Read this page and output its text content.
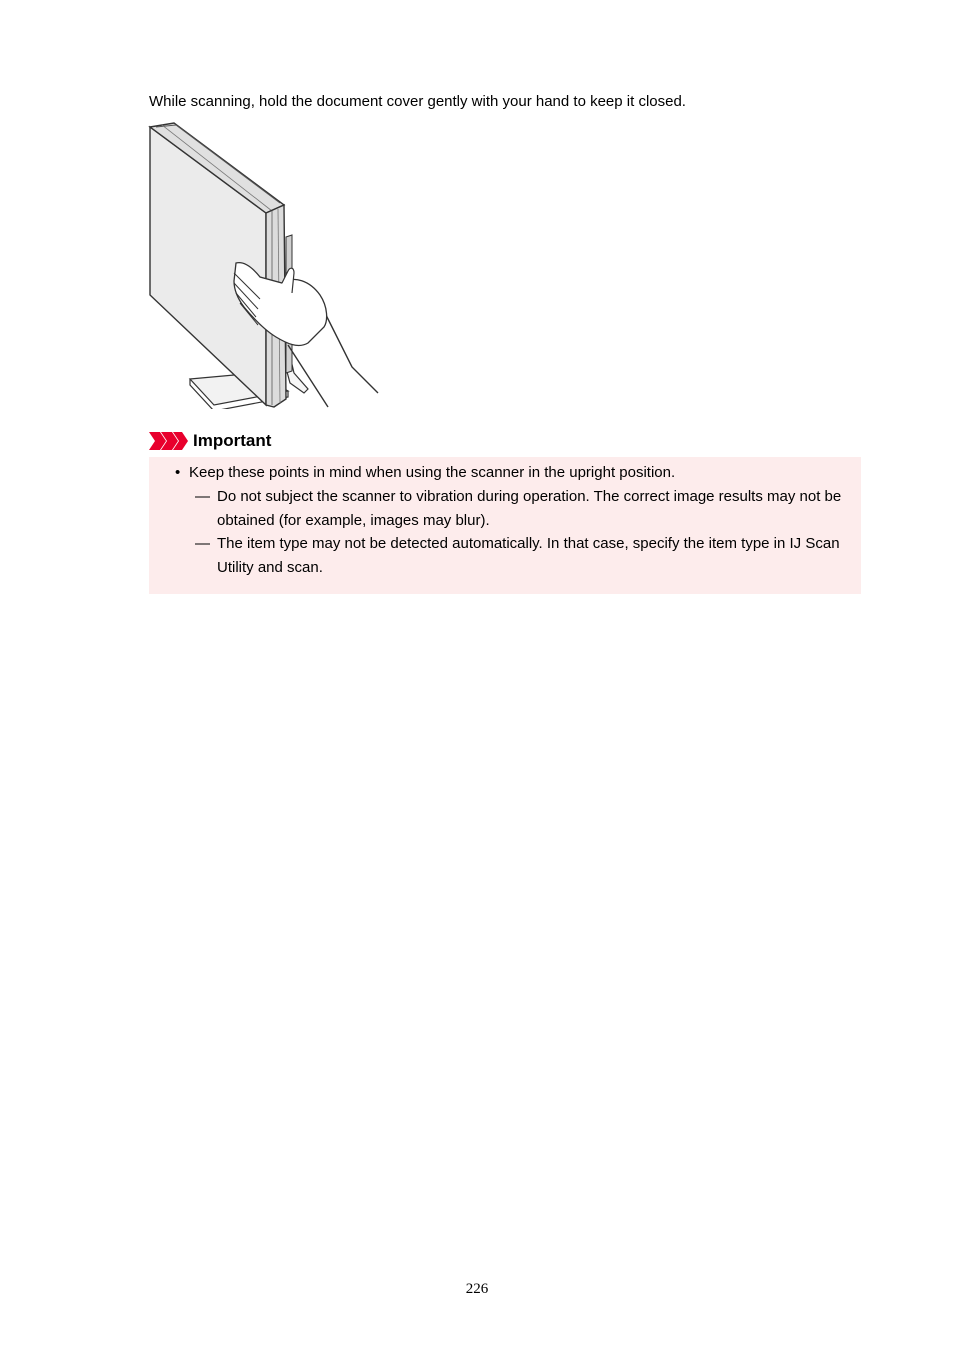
While scanning, hold the document cover gently with your hand to keep it closed.

Important
• Keep these points in mind when using the scanner in the upright position.
— Do not subject the scanner to vibration during operation. The correct image results may not be obtained (for example, images may blur).
— The item type may not be detected automatically. In that case, specify the item type in IJ Scan Utility and scan.
226
